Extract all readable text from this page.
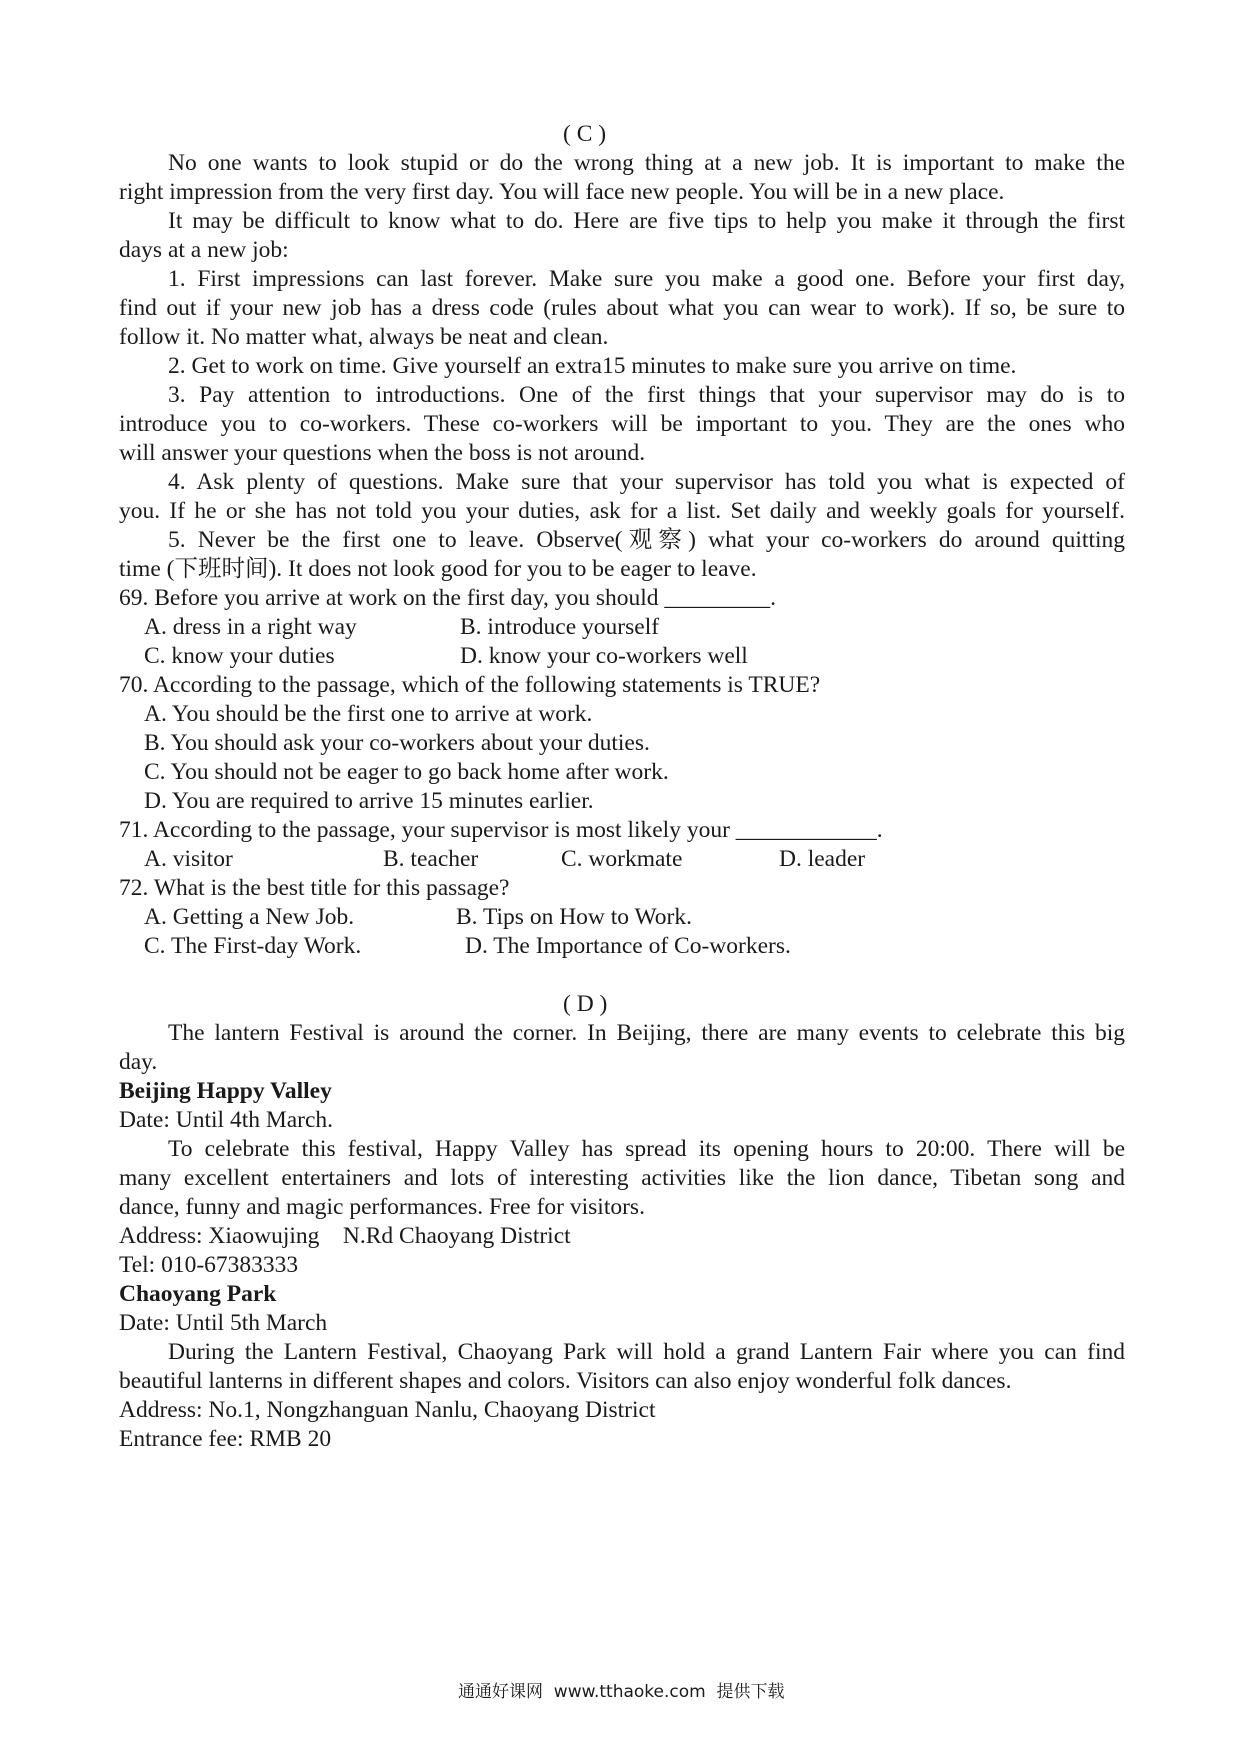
( C )
No one wants to look stupid or do the wrong thing at a new job. It is important to make the
right impression from the very first day. You will face new people. You will be in a new place.
It may be difficult to know what to do. Here are five tips to help you make it through the first
days at a new job:
1. First impressions can last forever. Make sure you make a good one. Before your first day,
find out if your new job has a dress code (rules about what you can wear to work). If so, be sure to
follow it. No matter what, always be neat and clean.
2. Get to work on time. Give yourself an extra15 minutes to make sure you arrive on time.
3. Pay attention to introductions. One of the first things that your supervisor may do is to
introduce you to co-workers. These co-workers will be important to you. They are the ones who
will answer your questions when the boss is not around.
4. Ask plenty of questions. Make sure that your supervisor has told you what is expected of
you. If he or she has not told you your duties, ask for a list. Set daily and weekly goals for yourself.
5. Never be the first one to leave. Observe(观察) what your co-workers do around quitting
time (下班时间). It does not look good for you to be eager to leave.
69. Before you arrive at work on the first day, you should _________.
A. dress in a right way	B. introduce yourself
C. know your duties	D. know your co-workers well
70. According to the passage, which of the following statements is TRUE?
A. You should be the first one to arrive at work.
B. You should ask your co-workers about your duties.
C. You should not be eager to go back home after work.
D. You are required to arrive 15 minutes earlier.
71. According to the passage, your supervisor is most likely your ____________.
A. visitor	B. teacher	C. workmate	D. leader
72. What is the best title for this passage?
A. Getting a New Job.	B. Tips on How to Work.
C. The First-day Work.	D. The Importance of Co-workers.
( D )
The lantern Festival is around the corner. In Beijing, there are many events to celebrate this big
day.
Beijing Happy Valley
Date: Until 4th March.
To celebrate this festival, Happy Valley has spread its opening hours to 20:00. There will be
many excellent entertainers and lots of interesting activities like the lion dance, Tibetan song and
dance, funny and magic performances. Free for visitors.
Address: Xiaowujing    N.Rd Chaoyang District
Tel: 010-67383333
Chaoyang Park
Date: Until 5th March
During the Lantern Festival, Chaoyang Park will hold a grand Lantern Fair where you can find
beautiful lanterns in different shapes and colors. Visitors can also enjoy wonderful folk dances.
Address: No.1, Nongzhanguan Nanlu, Chaoyang District
Entrance fee: RMB 20
通通好课网  www.tthaoke.com  提供下载
